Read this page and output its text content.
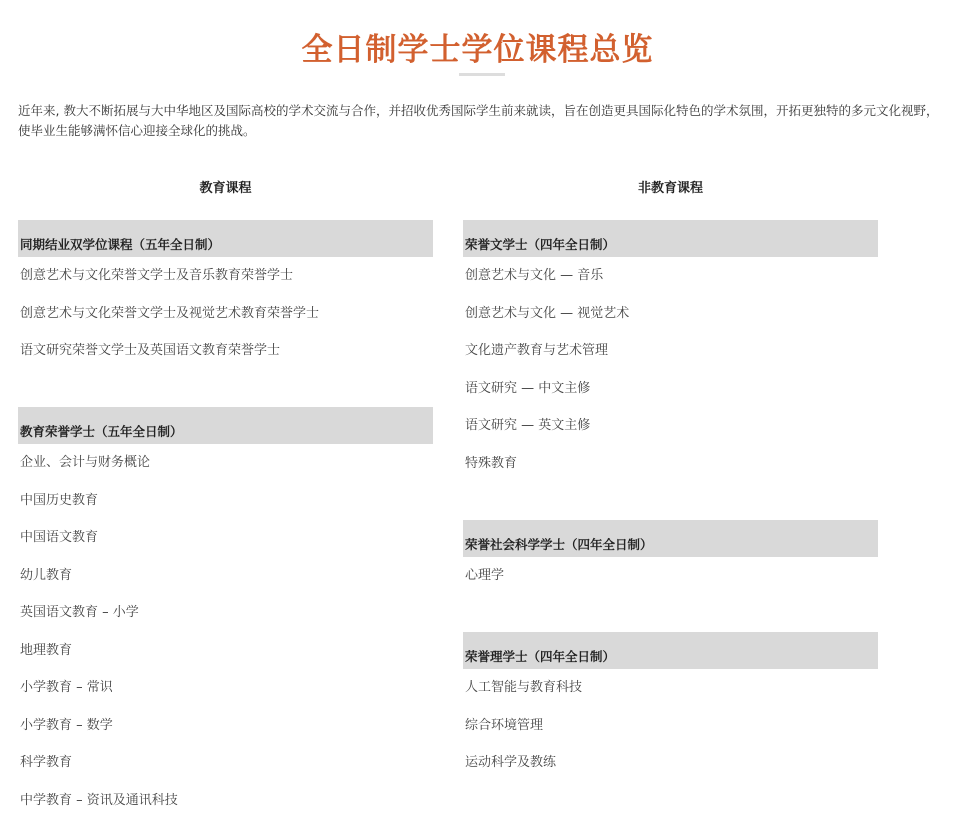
全日制学士学位课程总览

近年来, 教大不断拓展与大中华地区及国际高校的学术交流与合作，并招收优秀国际学生前来就读，旨在创造更具国际化特色的学术氛围，开拓更独特的多元文化视野，使毕业生能够满怀信心迎接全球化的挑战。

教育课程
同期结业双学位课程（五年全日制）
创意艺术与文化荣誉文学士及音乐教育荣誉学士
创意艺术与文化荣誉文学士及视觉艺术教育荣誉学士
语文研究荣誉文学士及英国语文教育荣誉学士
教育荣誉学士（五年全日制）
企业、会计与财务概论
中国历史教育
中国语文教育
幼儿教育
英国语文教育 – 小学
地理教育
小学教育 – 常识
小学教育 – 数学
科学教育
中学教育 – 资讯及通讯科技
非教育课程
荣誉文学士（四年全日制）
创意艺术与文化 — 音乐
创意艺术与文化 — 视觉艺术
文化遗产教育与艺术管理
语文研究 — 中文主修
语文研究 — 英文主修
特殊教育
荣誉社会科学学士（四年全日制）
心理学
荣誉理学士（四年全日制）
人工智能与教育科技
综合环境管理
运动科学及教练
